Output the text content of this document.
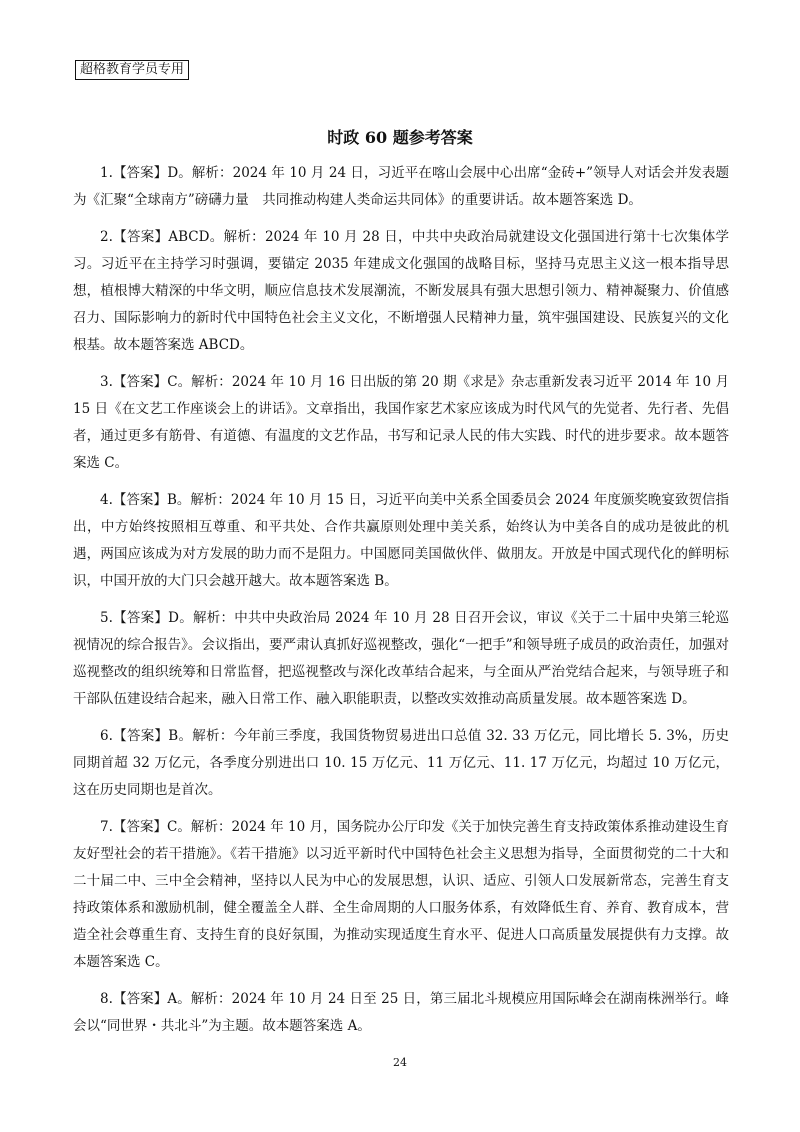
超格教育学员专用
时政 60 题参考答案

1.【答案】D。解析：2024 年 10 月 24 日，习近平在喀山会展中心出席“金砖+”领导人对话会并发表题为《汇聚“全球南方”磅礴力量　共同推动构建人类命运共同体》的重要讲话。故本题答案选 D。

2.【答案】ABCD。解析：2024 年 10 月 28 日，中共中央政治局就建设文化强国进行第十七次集体学习。习近平在主持学习时强调，要锚定 2035 年建成文化强国的战略目标，坚持马克思主义这一根本指导思想，植根博大精深的中华文明，顺应信息技术发展潮流，不断发展具有强大思想引领力、精神凝聚力、价值感召力、国际影响力的新时代中国特色社会主义文化，不断增强人民精神力量，筑牢强国建设、民族复兴的文化根基。故本题答案选 ABCD。

3.【答案】C。解析：2024 年 10 月 16 日出版的第 20 期《求是》杂志重新发表习近平 2014 年 10 月 15 日《在文艺工作座谈会上的讲话》。文章指出，我国作家艺术家应该成为时代风气的先觉者、先行者、先倡者，通过更多有筋骨、有道德、有温度的文艺作品，书写和记录人民的伟大实践、时代的进步要求。故本题答案选 C。

4.【答案】B。解析：2024 年 10 月 15 日，习近平向美中关系全国委员会 2024 年度颁奖晚宴致贺信指出，中方始终按照相互尊重、和平共处、合作共赢原则处理中美关系，始终认为中美各自的成功是彼此的机遇，两国应该成为对方发展的助力而不是阻力。中国愿同美国做伙伴、做朋友。开放是中国式现代化的鲜明标识，中国开放的大门只会越开越大。故本题答案选 B。

5.【答案】D。解析：中共中央政治局 2024 年 10 月 28 日召开会议，审议《关于二十届中央第三轮巡视情况的综合报告》。会议指出，要严肃认真抓好巡视整改，强化“一把手”和领导班子成员的政治责任，加强对巡视整改的组织统筹和日常监督，把巡视整改与深化改革结合起来，与全面从严治党结合起来，与领导班子和干部队伍建设结合起来，融入日常工作、融入职能职责，以整改实效推动高质量发展。故本题答案选 D。

6.【答案】B。解析：今年前三季度，我国货物贸易进出口总值 32. 33 万亿元，同比增长 5. 3%，历史同期首超 32 万亿元，各季度分别进出口 10. 15 万亿元、11 万亿元、11. 17 万亿元，均超过 10 万亿元，这在历史同期也是首次。

7.【答案】C。解析：2024 年 10 月，国务院办公厅印发《关于加快完善生育支持政策体系推动建设生育友好型社会的若干措施》。《若干措施》以习近平新时代中国特色社会主义思想为指导，全面贯彻党的二十大和二十届二中、三中全会精神，坚持以人民为中心的发展思想，认识、适应、引领人口发展新常态，完善生育支持政策体系和激励机制，健全覆盖全人群、全生命周期的人口服务体系，有效降低生育、养育、教育成本，营造全社会尊重生育、支持生育的良好氛围，为推动实现适度生育水平、促进人口高质量发展提供有力支撑。故本题答案选 C。

8.【答案】A。解析：2024 年 10 月 24 日至 25 日，第三届北斗规模应用国际峰会在湖南株洲举行。峰会以“同世界・共北斗”为主题。故本题答案选 A。

24
